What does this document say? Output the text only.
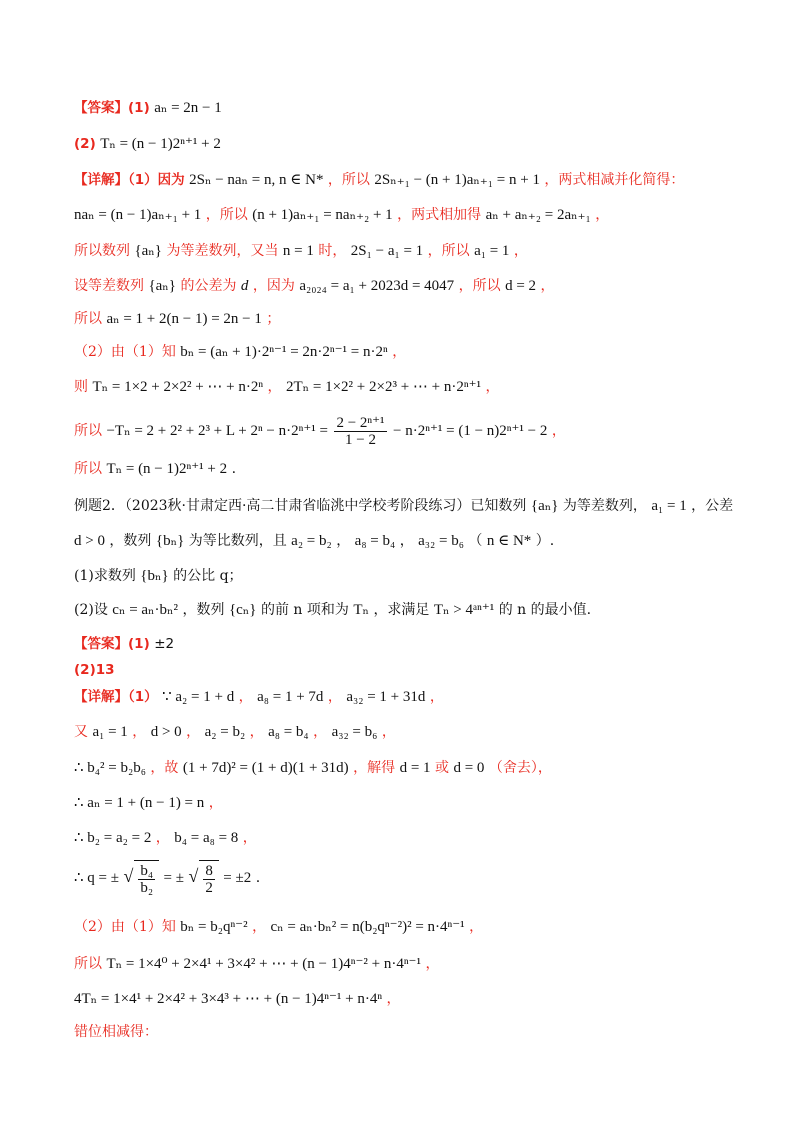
【答案】(1) aₙ = 2n − 1
(2) Tₙ = (n − 1)2ⁿ⁺¹ + 2
【详解】（1）因为 2Sₙ − naₙ = n, n ∈ N* ，所以 2Sₙ₊₁ − (n + 1)aₙ₊₁ = n + 1 ，两式相减并化简得：
naₙ = (n − 1)aₙ₊₁ + 1 ，所以 (n + 1)aₙ₊₁ = naₙ₊₂ + 1 ，两式相加得 aₙ + aₙ₊₂ = 2aₙ₊₁ ，
所以数列 {aₙ} 为等差数列，又当 n = 1 时， 2S₁ − a₁ = 1 ，所以 a₁ = 1 ，
设等差数列 {aₙ} 的公差为 d ，因为 a₂₀₂₄ = a₁ + 2023d = 4047 ，所以 d = 2 ，
所以 aₙ = 1 + 2(n − 1) = 2n − 1 ；
（2）由（1）知 bₙ = (aₙ + 1)·2ⁿ⁻¹ = 2n·2ⁿ⁻¹ = n·2ⁿ ，
则 Tₙ = 1×2 + 2×2² + ⋯ + n·2ⁿ ， 2Tₙ = 1×2² + 2×2³ + ⋯ + n·2ⁿ⁺¹ ，
所以 $-T_n = 2 + 2^2 + 2^3 + L + 2^n - n\cdot 2^{n+1} = \frac{\text{2 − 2ⁿ⁺¹}}{1 - 2} - n\cdot 2^{n+1} = (1 - n)2^{n+1} - 2$ ，
所以 Tₙ = (n − 1)2ⁿ⁺¹ + 2 .
例题2．（2023秋·甘肃定西·高二甘肃省临洮中学校考阶段练习）已知数列 {aₙ} 为等差数列， a₁ = 1 ，公差
d > 0 ，数列 {bₙ} 为等比数列，且 a₂ = b₂ ， a₈ = b₄ ， a₃₂ = b₆ （ n ∈ N* ）.
(1)求数列 {bₙ} 的公比 q；
(2)设 cₙ = aₙ·bₙ² ，数列 {cₙ} 的前 n 项和为 Tₙ ，求满足 Tₙ > 4ᵃⁿ⁺¹ 的 n 的最小值.
【答案】(1) ±2
(2)13
【详解】（1） ∵ a₂ = 1 + d ， a₈ = 1 + 7d ， a₃₂ = 1 + 31d ，
又 a₁ = 1 ， d > 0 ， a₂ = b₂ ， a₈ = b₄ ， a₃₂ = b₆ ，
∴ b₄² = b₂b₆ ，故 (1 + 7d)² = (1 + d)(1 + 31d) ，解得 d = 1 或 d = 0 （舍去），
∴ aₙ = 1 + (n − 1) = n ，
∴ b₂ = a₂ = 2 ， b₄ = a₈ = 8 ，
∴ q = ± √ $\frac{\text{b₄}}{\text{b₂}}$ = ± √ $\frac{8}{2} = \pm 2$ .
（2）由（1）知 bₙ = b₂qⁿ⁻² ， cₙ = aₙ·bₙ² = n(b₂qⁿ⁻²)² = n·4ⁿ⁻¹ ，
所以 Tₙ = 1×4⁰ + 2×4¹ + 3×4² + ⋯ + (n − 1)4ⁿ⁻² + n·4ⁿ⁻¹ ，
4Tₙ = 1×4¹ + 2×4² + 3×4³ + ⋯ + (n − 1)4ⁿ⁻¹ + n·4ⁿ ，
错位相减得：
